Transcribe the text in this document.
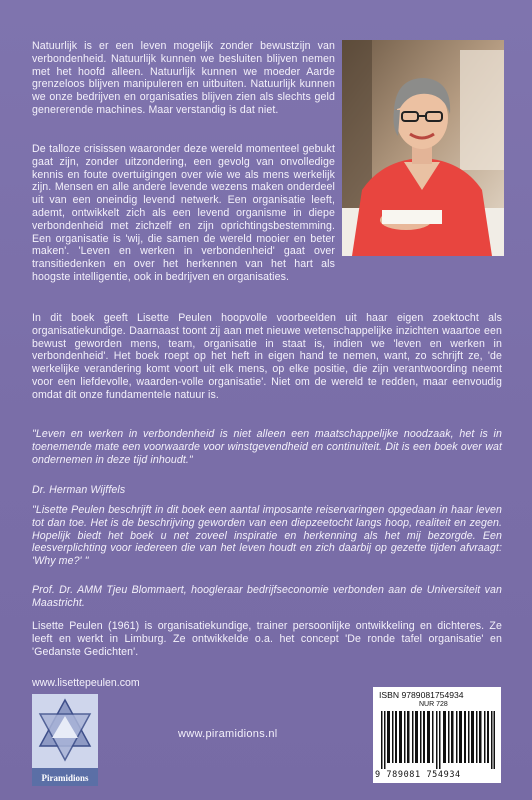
Natuurlijk is er een leven mogelijk zonder bewustzijn van verbondenheid. Natuurlijk kunnen we besluiten blijven nemen met het hoofd alleen. Natuurlijk kunnen we moeder Aarde grenzeloos blijven manipuleren en uitbuiten. Natuurlijk kunnen we onze bedrijven en organisaties blijven zien als slechts geld genererende machines. Maar verstandig is dat niet.

De talloze crisissen waaronder deze wereld momenteel gebukt gaat zijn, zonder uitzondering, een gevolg van onvolledige kennis en foute overtuigingen over wie we als mens werkelijk zijn. Mensen en alle andere levende wezens maken onderdeel uit van een oneindig levend netwerk. Een organisatie leeft, ademt, ontwikkelt zich als een levend organisme in diepe verbondenheid met zichzelf en zijn oprichtingsbestemming. Een organisatie is 'wij, die samen de wereld mooier en beter maken'. 'Leven en werken in verbondenheid' gaat over transitiedenken en over het herkennen van het hart als hoogste intelligentie, ook in bedrijven en organisaties.

In dit boek geeft Lisette Peulen hoopvolle voorbeelden uit haar eigen zoektocht als organisatiekundige. Daarnaast toont zij aan met nieuwe wetenschappelijke inzichten waartoe een bewust geworden mens, team, organisatie in staat is, indien we 'leven en werken in verbondenheid'. Het boek roept op het heft in eigen hand te nemen, want, zo schrijft ze, 'de werkelijke verandering komt voort uit elk mens, op elke positie, die zijn verantwoording neemt voor een liefdevolle, waarden-volle organisatie'. Niet om de wereld te redden, maar eenvoudig omdat dit onze fundamentele natuur is.

"Leven en werken in verbondenheid is niet alleen een maatschappelijke noodzaak, het is in toenemende mate een voorwaarde voor winstgevendheid en continuïteit. Dit is een boek over wat ondernemen in deze tijd inhoudt."

Dr. Herman Wijffels

"Lisette Peulen beschrijft in dit boek een aantal imposante reiservaringen opgedaan in haar leven tot dan toe. Het is de beschrijving geworden van een diepzeetocht langs hoop, realiteit en zegen. Hopelijk biedt het boek u net zoveel inspiratie en herkenning als het mij bezorgde. Een leesverplichting voor iedereen die van het leven houdt en zich daarbij op gezette tijden afvraagt: 'Why me?' "

Prof. Dr. AMM Tjeu Blommaert, hoogleraar bedrijfseconomie verbonden aan de Universiteit van Maastricht.

Lisette Peulen (1961) is organisatiekundige, trainer persoonlijke ontwikkeling en dichteres. Ze leeft en werkt in Limburg. Ze ontwikkelde o.a. het concept 'De ronde tafel organisatie' en 'Gedanste Gedichten'.

www.lisettepeulen.com

Piramidions

www.piramidions.nl

ISBN 9789081754934

NUR 728

9 789081 754934
